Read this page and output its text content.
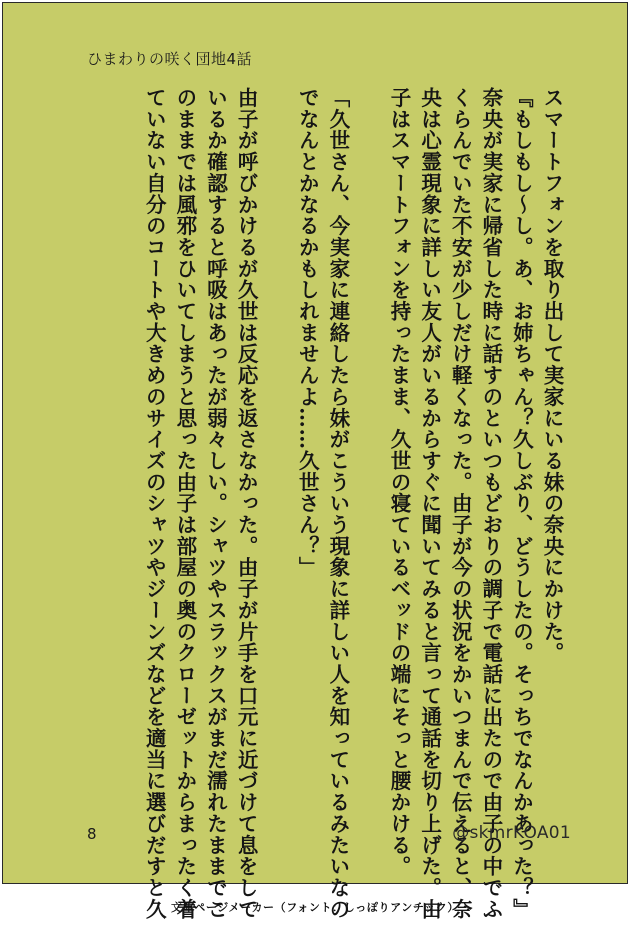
ひまわりの咲く団地4話

スマートフォンを取り出して実家にいる妹の奈央にかけた。

『もしもし〜し。あ、お姉ちゃん？久しぶり、どうしたの。そっちでなんかあった？』

奈央が実家に帰省した時に話すのといつもどおりの調子で電話に出たので由子の中でふ

くらんでいた不安が少しだけ軽くなった。由子が今の状況をかいつまんで伝えると、奈

央は心霊現象に詳しい友人がいるからすぐに聞いてみると言って通話を切り上げた。由

子はスマートフォンを持ったまま、久世の寝ているベッドの端にそっと腰かける。

「久世さん、今実家に連絡したら妹がこういう現象に詳しい人を知っているみたいなの

でなんとかなるかもしれませんよ……久世さん？」

由子が呼びかけるが久世は反応を返さなかった。由子が片手を口元に近づけて息をして

いるか確認すると呼吸はあったが弱々しい。シャツやスラックスがまだ濡れたままでこ

のままでは風邪をひいてしまうと思った由子は部屋の奥のクローゼットからまったく着

ていない自分のコートや大きめのサイズのシャツやジーンズなどを適当に選びだすと久

8	@skmrKOA01
文庫ページメーカー（フォント：しっぽりアンチック）
